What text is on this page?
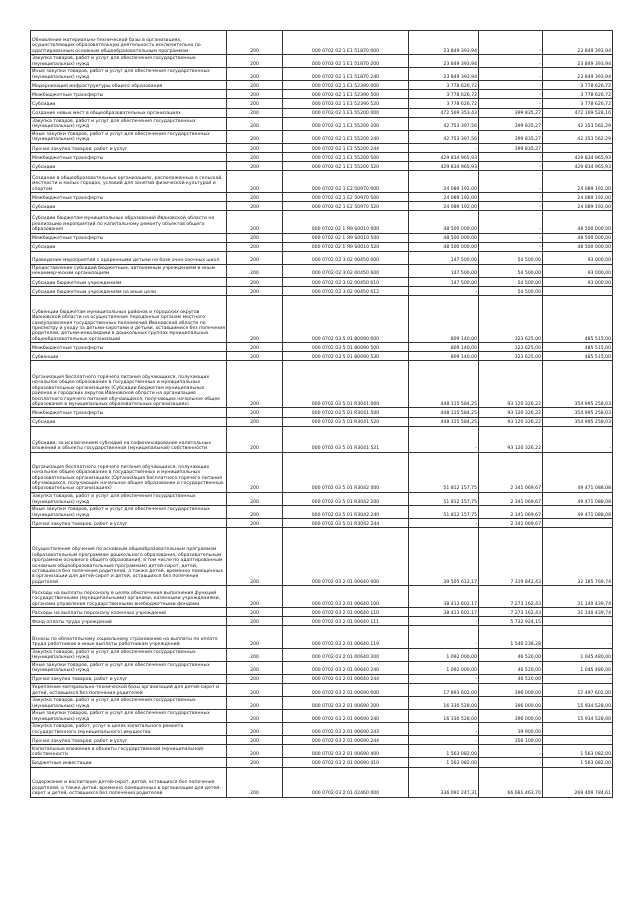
Обновление материально-технической базы в организациях, осуществляющих образовательную деятельность исключительно по адаптированным основным общеобразовательным программам	200	000 0702 02 1 Е1 51870 000	23 849 393,94	-	23 849 393,94
Закупка товаров, работ и услуг для обеспечения государственных (муниципальных) нужд	200	000 0702 02 1 Е1 51870 200	23 849 393,94	-	23 849 393,94
Иные закупки товаров, работ и услуг для обеспечения государственных (муниципальных) нужд	200	000 0702 02 1 Е1 51870 240	23 849 393,94	-	23 849 393,94
Модернизация инфраструктуры общего образования	200	000 0702 02 1 Е1 52390 000	3 778 626,72	-	3 778 626,72
Межбюджетные трансферты	200	000 0702 02 1 Е1 52390 500	3 778 626,72	-	3 778 626,72
Субсидии	200	000 0702 02 1 Е1 52390 520	3 778 626,72	-	3 778 626,72
Создание новых мест в общеобразовательных организациях	200	000 0702 02 1 Е1 55200 000	472 569 353,43	399 835,27	472 169 528,16
Закупка товаров, работ и услуг для обеспечения государственных (муниципальных) нужд	200	000 0702 02 1 Е1 55200 200	42 753 397,56	399 835,27	42 353 562,29
Иные закупки товаров, работ и услуг для обеспечения государственных (муниципальных) нужд	200	000 0702 02 1 Е1 55200 240	42 753 397,56	399 835,27	42 353 562,29
Прочая закупка товаров, работ и услуг	200	000 0702 02 1 Е1 55200 244	-	399 835,27	-
Межбюджетные трансферты	200	000 0702 02 1 Е1 55200 500	429 834 965,93	-	429 834 965,93
Субсидии	200	000 0702 02 1 Е1 55200 520	429 834 965,93	-	429 834 965,93
Создание в общеобразовательных организациях, расположенных в сельской местности и малых городах, условий для занятий физической культурой и спортом	200	000 0702 02 1 Е2 50970 000	24 089 192,00	-	24 089 192,00
Межбюджетные трансферты	200	000 0702 02 1 Е2 50970 500	24 089 192,00	-	24 089 192,00
Субсидии	200	000 0702 02 1 Е2 50970 520	24 089 192,00	-	24 089 192,00
Субсидии бюджетам муниципальных образований Ивановской области на реализацию мероприятий по капитальному ремонту объектов общего образования	200	000 0702 02 1 Я9 S0010 000	48 500 000,00	-	48 500 000,00
Межбюджетные трансферты	200	000 0702 02 1 Я9 S0010 500	48 500 000,00	-	48 500 000,00
Субсидии	200	000 0702 02 1 Я9 S0010 520	48 500 000,00	-	48 500 000,00
Проведение мероприятий с одаренными детьми на базе очно-заочных школ	200	000 0702 02 3 02 00450 000	147 500,00	54 500,00	93 000,00
Предоставление субсидий бюджетным, автономным учреждениям и иным некоммерческим организациям	200	000 0702 02 3 02 00450 600	147 500,00	54 500,00	93 000,00
Субсидии бюджетным учреждениям	200	000 0702 02 3 02 00450 610	147 500,00	54 500,00	93 000,00
Субсидии бюджетным учреждениям на иные цели	200	000 0702 02 3 02 00450 612	-	54 500,00	-
Субвенции бюджетам муниципальных районов и городских округов Ивановской области на осуществление переданных органам местного самоуправления государственных полномочий Ивановской области по присмотру и уходу за детьми-сиротами и детьми, оставшимися без попечения родителей, детьми-инвалидами в дошкольных группах муниципальных общеобразовательных организаций	200	000 0702 03 5 01 80090 000	809 140,00	323 625,00	485 515,00
Межбюджетные трансферты	200	000 0702 03 5 01 80090 500	809 140,00	323 625,00	485 515,00
Субвенции	200	000 0702 03 5 01 80090 530	809 140,00	323 625,00	485 515,00
Организация бесплатного горячего питания обучающихся, получающих начальное общее образование в государственных и муниципальных образовательных организациях (Субсидии бюджетам муниципальных районов и городских округов Ивановской области на организацию бесплатного горячего питания обучающихся, получающих начальное общее образование в муниципальных образовательных организациях)	200	000 0702 03 5 01 R3041 000	448 115 584,25	93 120 326,22	354 995 258,03
Межбюджетные трансферты	200	000 0702 03 5 01 R3041 500	448 115 584,25	93 120 326,22	354 995 258,03
Субсидии	200	000 0702 03 5 01 R3041 520	448 115 584,25	93 120 326,22	354 995 258,03
Субсидии, за исключением субсидий на софинансирование капитальных вложений в объекты государственной (муниципальной) собственности	200	000 0702 03 5 01 R3041 521	-	93 120 326,22	-
Организация бесплатного горячего питания обучающихся, получающих начальное общее образование в государственных и муниципальных образовательных организациях (Организация бесплатного горячего питания обучающихся, получающих начальное общее образование в государственных образовательных организациях)	200	000 0702 03 5 01 R3042 000	51 812 157,75	2 341 069,67	49 471 088,08
Закупка товаров, работ и услуг для обеспечения государственных (муниципальных) нужд	200	000 0702 03 5 01 R3042 200	51 812 157,75	2 341 069,67	49 471 088,08
Иные закупки товаров, работ и услуг для обеспечения государственных (муниципальных) нужд	200	000 0702 03 5 01 R3042 240	51 812 157,75	2 341 069,67	49 471 088,08
Прочая закупка товаров, работ и услуг	200	000 0702 03 5 01 R3042 244	-	2 341 069,67	-
Осуществление обучения по основным общеобразовательным программам (образовательным программам дошкольного образования, образовательным программам основного общего образования, в том числе по адаптированным основным общеобразовательным программам) детей-сирот, детей, оставшихся без попечения родителей, а также детей, временно помещенных в организации для детей-сирот и детей, оставшихся без попечения родителей	200	000 0702 03 2 01 00640 000	39 505 612,17	7 319 842,43	32 185 769,74
Расходы на выплаты персоналу в целях обеспечения выполнения функций государственными (муниципальными) органами, казенными учреждениями, органами управления государственными внебюджетными фондами	200	000 0702 03 2 01 00640 100	38 413 602,17	7 273 162,43	31 140 439,74
Расходы на выплаты персоналу казенных учреждений	200	000 0702 03 2 01 00640 110	38 413 602,17	7 273 162,43	31 140 439,74
Фонд оплаты труда учреждений	200	000 0702 03 2 01 00640 111	-	5 732 924,15	-
Взносы по обязательному социальному страхованию на выплаты по оплате труда работников и иные выплаты работникам учреждений	200	000 0702 03 2 01 00640 119	-	1 540 238,28	-
Закупка товаров, работ и услуг для обеспечения государственных (муниципальных) нужд	200	000 0702 03 2 01 00640 200	1 092 000,00	46 520,00	1 045 480,00
Иные закупки товаров, работ и услуг для обеспечения государственных (муниципальных) нужд	200	000 0702 03 2 01 00640 240	1 092 000,00	46 520,00	1 045 480,00
Прочая закупка товаров, работ и услуг	200	000 0702 03 2 01 00640 244	-	46 520,00	-
Укрепление материально-технической базы организаций для детей-сирот и детей, оставшихся без попечения родителей	200	000 0702 03 2 01 00690 000	17 893 602,00	396 000,00	17 497 602,00
Закупка товаров, работ и услуг для обеспечения государственных (муниципальных) нужд	200	000 0702 03 2 01 00690 200	16 330 528,00	396 000,00	15 934 528,00
Иные закупки товаров, работ и услуг для обеспечения государственных (муниципальных) нужд	200	000 0702 03 2 01 00690 240	16 330 528,00	396 000,00	15 934 528,00
Закупка товаров, работ, услуг в целях капитального ремонта государственного (муниципального) имущества	200	000 0702 03 2 01 00690 243	-	39 900,00	-
Прочая закупка товаров, работ и услуг	200	000 0702 03 2 01 00690 244	-	356 100,00	-
Капитальные вложения в объекты государственной (муниципальной) собственности	200	000 0702 03 2 01 00690 400	1 563 082,00	-	1 563 082,00
Бюджетные инвестиции	200	000 0702 03 2 01 00690 410	1 563 082,00	-	1 563 082,00
Содержание и воспитание детей-сирот, детей, оставшихся без попечения родителей, а также детей, временно помещенных в организации для детей-сирот и детей, оставшихся без попечения родителей	200	000 0702 03 2 01 02460 000	336 091 247,31	66 681 462,70	269 409 784,61
